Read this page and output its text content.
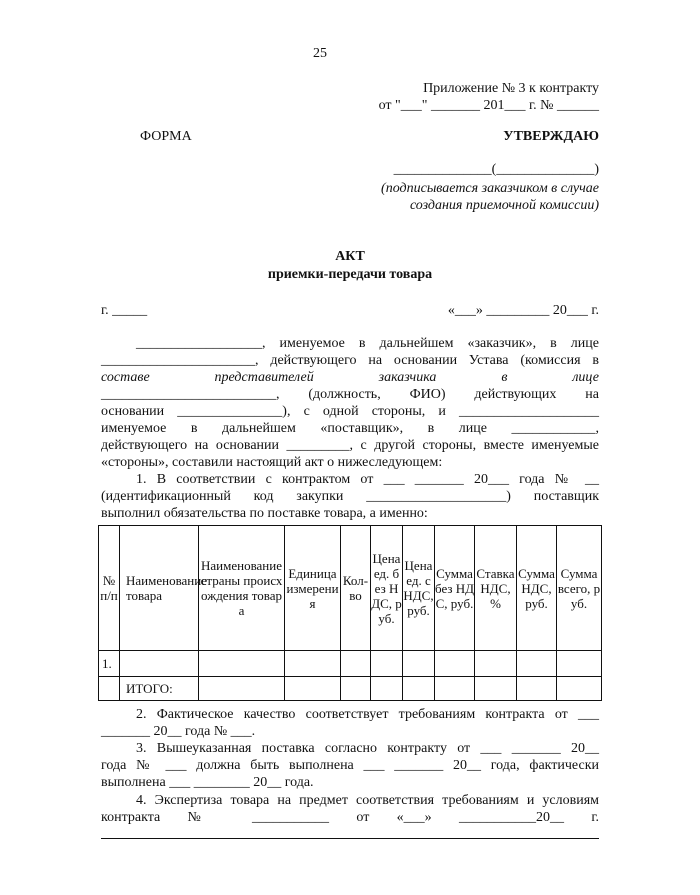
25
Приложение № 3 к контракту
от "___" _______ 201___ г. № ______
ФОРМА	УТВЕРЖДАЮ
______________(______________)
(подписывается заказчиком в случае
создания приемочной комиссии)
АКТ
приемки-передачи товара
г. _____	«___» _________ 20___ г.
__________________, именуемое в дальнейшем «заказчик», в лице
______________________, действующего на основании Устава (комиссия в
составе представителей заказчика в лице
_________________________, (должность, ФИО) действующих на
основании _______________), с одной стороны, и ____________________
именуемое в дальнейшем «поставщик», в лице ____________,
действующего на основании _________, с другой стороны, вместе именуемые
«стороны», составили настоящий акт о нижеследующем:
1. В соответствии с контрактом от ___ _______ 20___ года № __
(идентификационный код закупки ____________________) поставщик
выполнил обязательства по поставке товара, а именно:
№ п/п	Наименование товара	Наименование страны происхождения товара	Единица измерения	Кол-во	Цена ед. без НДС, руб.	Цена ед. с НДС, руб.	Сумма без НДС, руб.	Ставка НДС, %	Сумма НДС, руб.	Сумма всего, руб.
1.										
	ИТОГО:									
2. Фактическое качество соответствует требованиям контракта от ___
_______ 20__ года № ___.
3. Вышеуказанная поставка согласно контракту от ___ _______ 20__
года № ___ должна быть выполнена ___ _______ 20__ года, фактически
выполнена ___ ________ 20__ года.
4. Экспертиза товара на предмет соответствия требованиям и условиям
контракта № ___________ от «___» ___________20__ г.
